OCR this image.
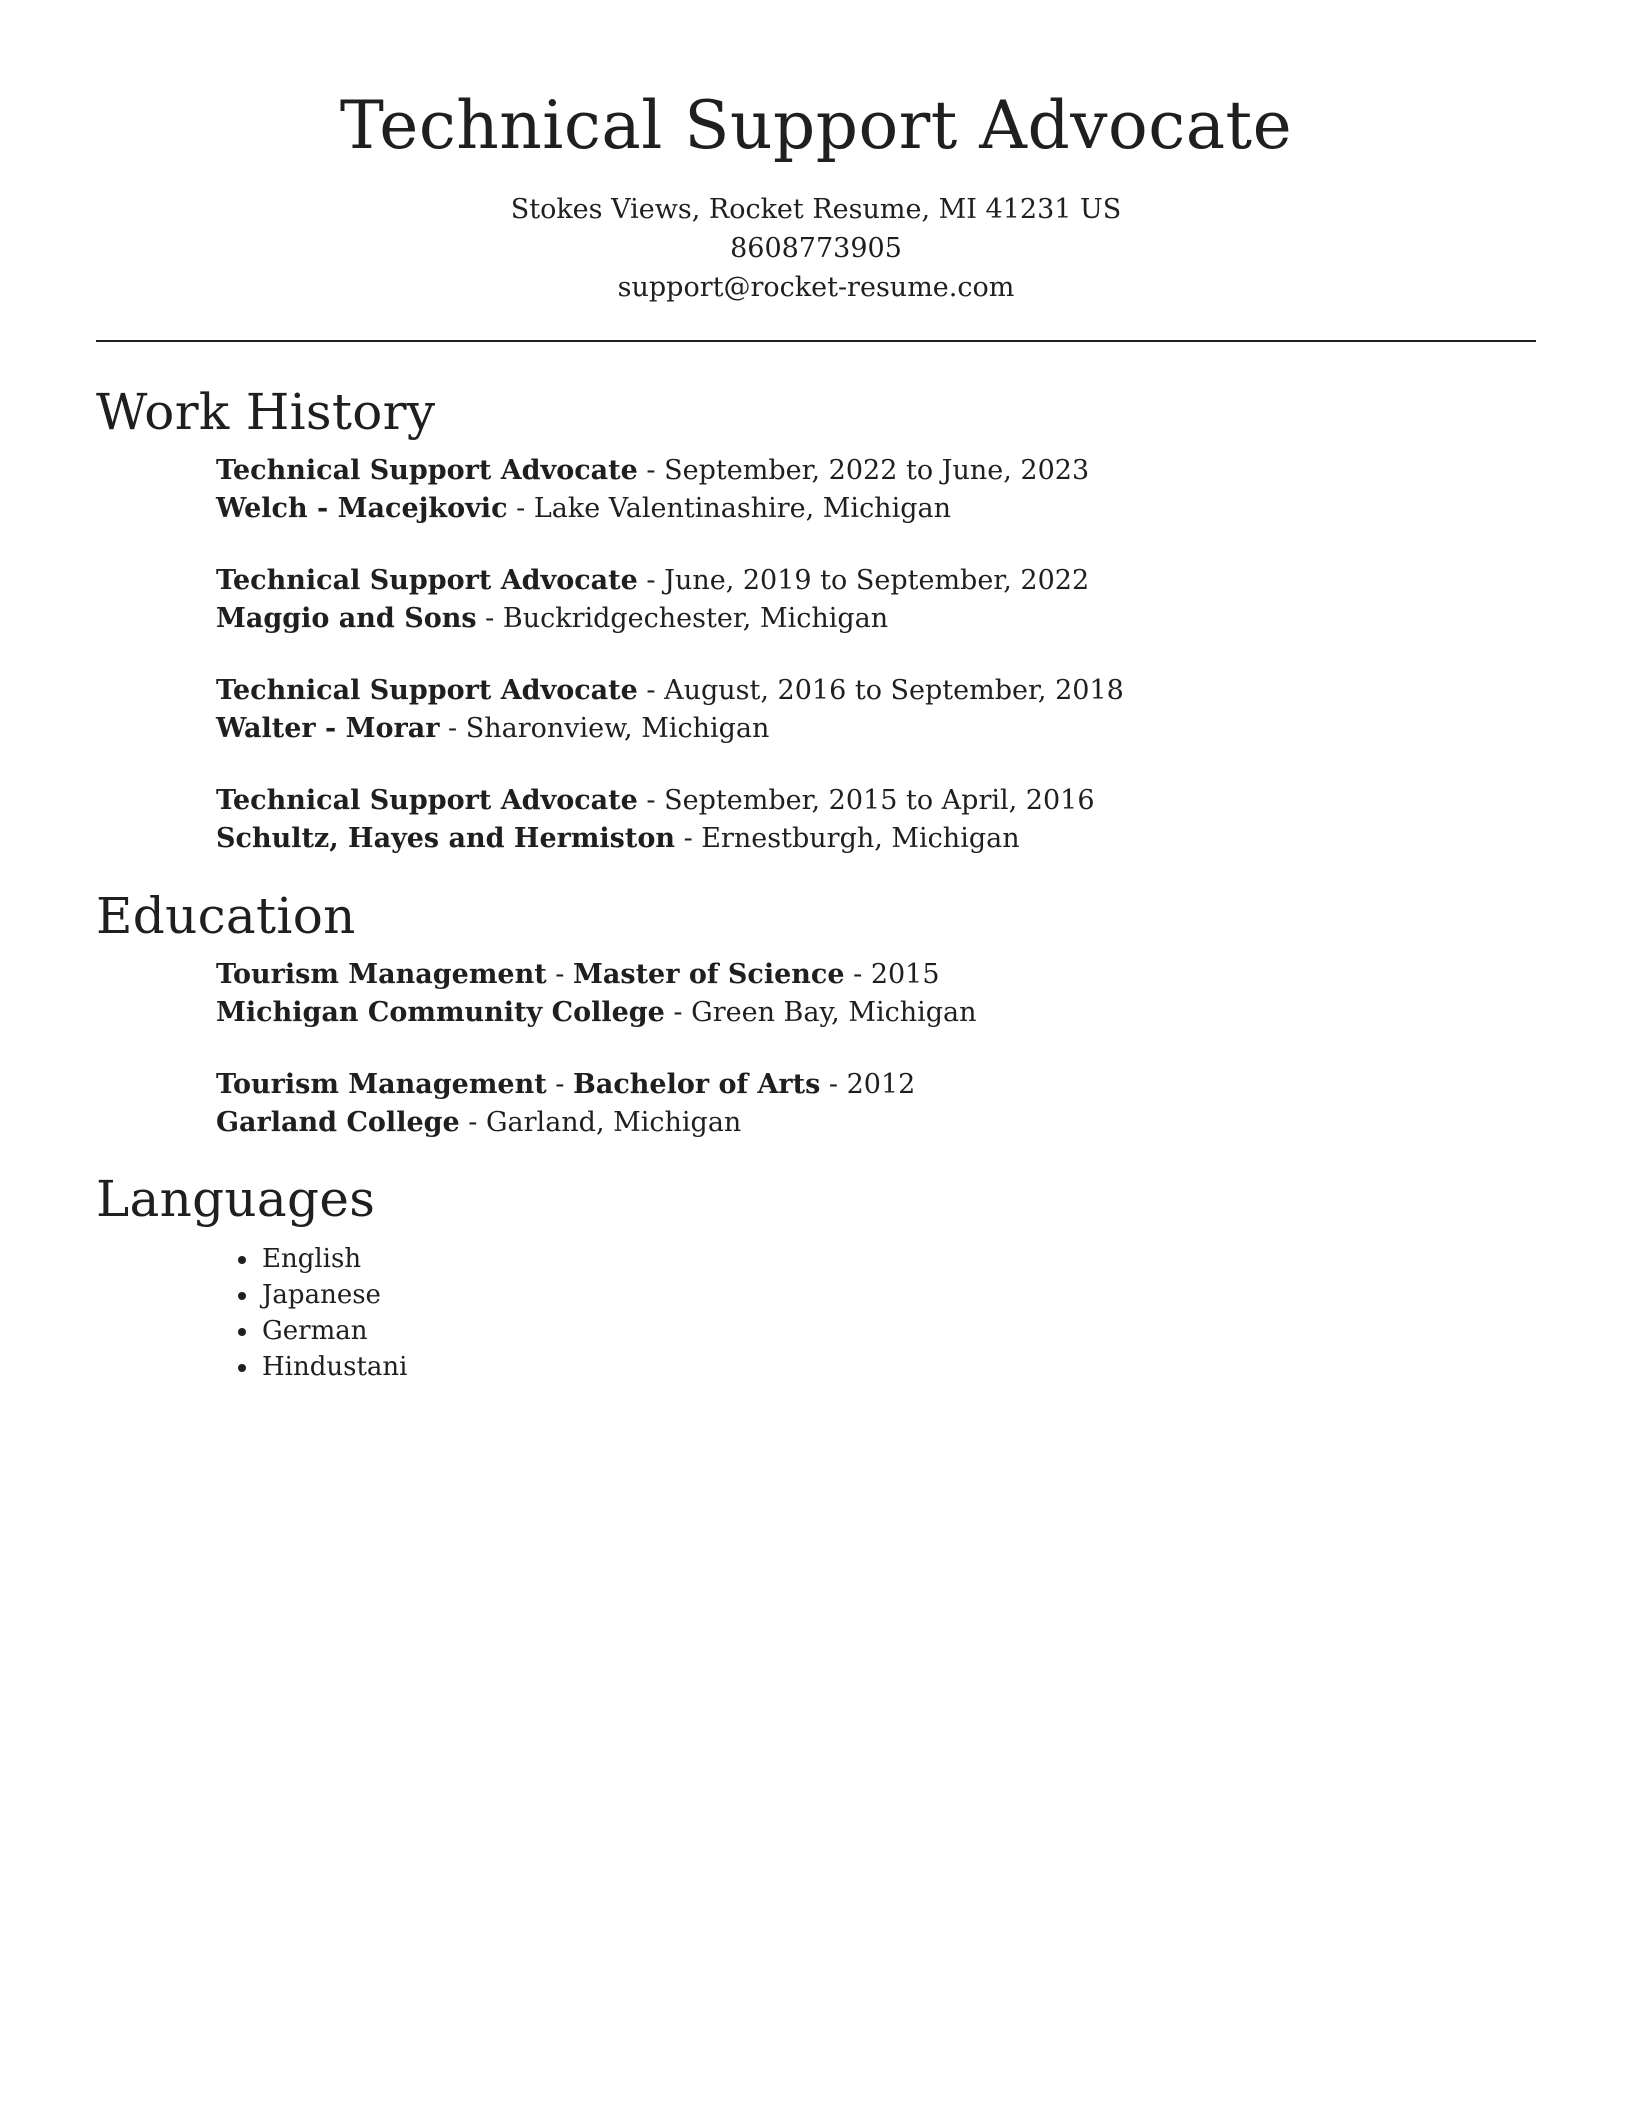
Technical Support Advocate
Stokes Views, Rocket Resume, MI 41231 US
8608773905
support@rocket-resume.com
Work History
Technical Support Advocate - September, 2022 to June, 2023
Welch - Macejkovic - Lake Valentinashire, Michigan
Technical Support Advocate - June, 2019 to September, 2022
Maggio and Sons - Buckridgechester, Michigan
Technical Support Advocate - August, 2016 to September, 2018
Walter - Morar - Sharonview, Michigan
Technical Support Advocate - September, 2015 to April, 2016
Schultz, Hayes and Hermiston - Ernestburgh, Michigan
Education
Tourism Management - Master of Science - 2015
Michigan Community College - Green Bay, Michigan
Tourism Management - Bachelor of Arts - 2012
Garland College - Garland, Michigan
Languages
• English
• Japanese
• German
• Hindustani
